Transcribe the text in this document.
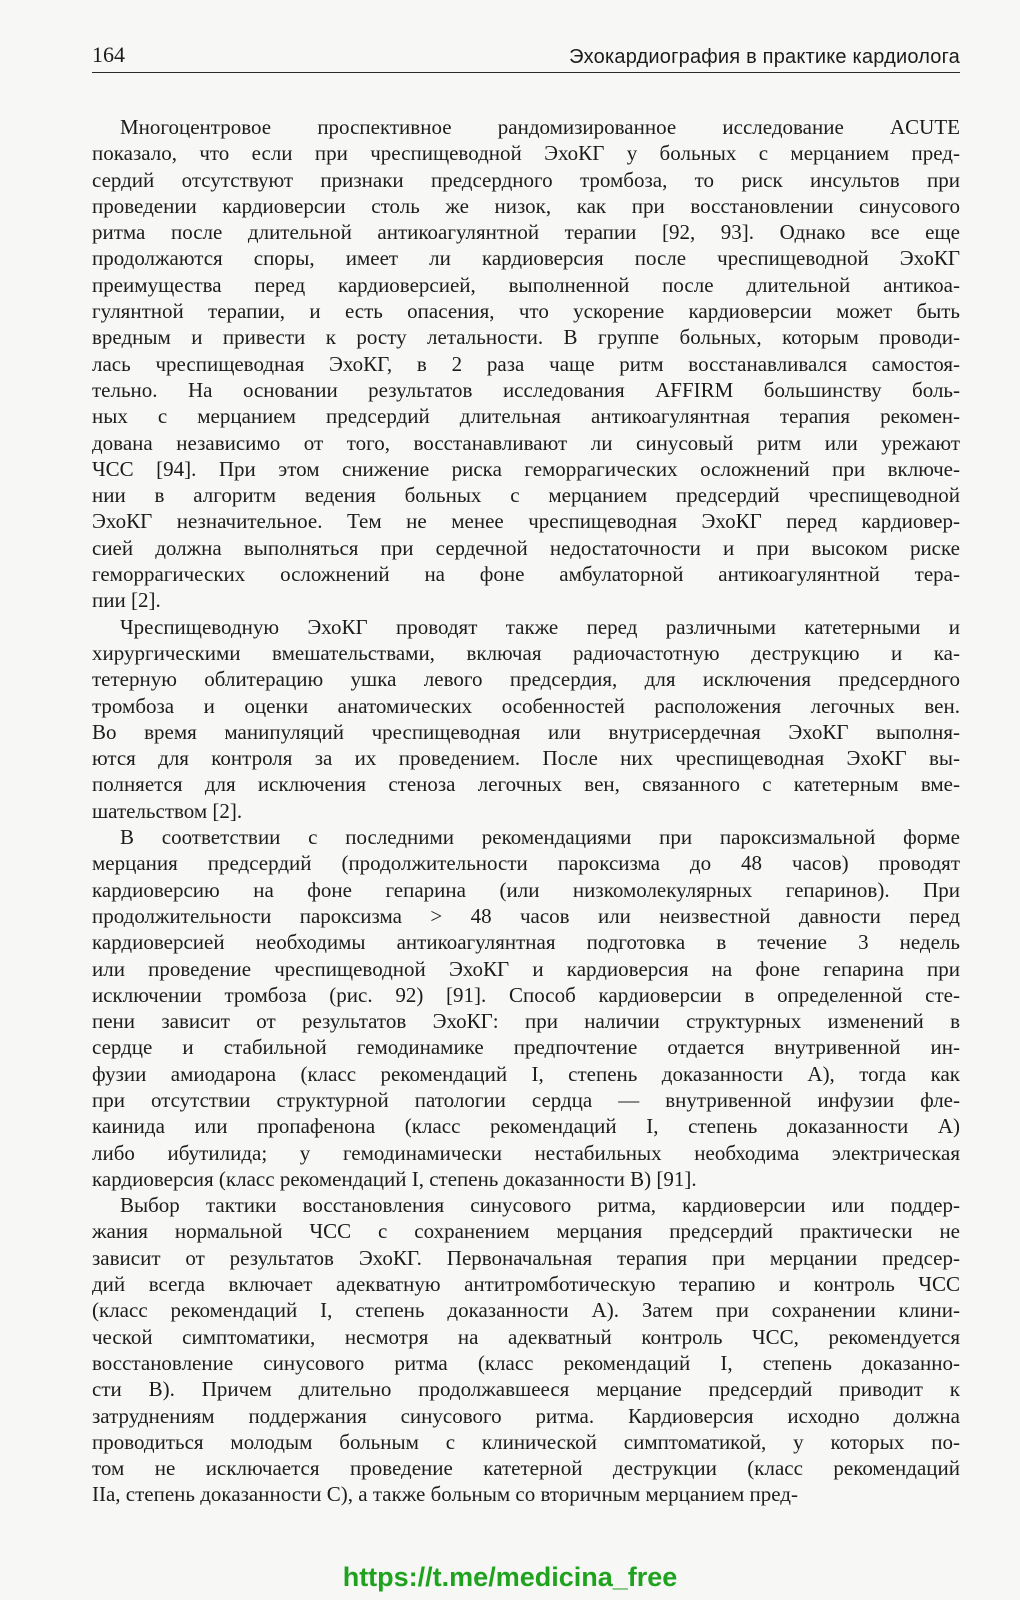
164	Эхокардиография в практике кардиолога
Многоцентровое проспективное рандомизированное исследование ACUTE
показало, что если при чреспищеводной ЭхоКГ у больных с мерцанием пред-
сердий отсутствуют признаки предсердного тромбоза, то риск инсультов при
проведении кардиоверсии столь же низок, как при восстановлении синусового
ритма после длительной антикоагулянтной терапии [92, 93]. Однако все еще
продолжаются споры, имеет ли кардиоверсия после чреспищеводной ЭхоКГ
преимущества перед кардиоверсией, выполненной после длительной антикоа-
гулянтной терапии, и есть опасения, что ускорение кардиоверсии может быть
вредным и привести к росту летальности. В группе больных, которым проводи-
лась чреспищеводная ЭхоКГ, в 2 раза чаще ритм восстанавливался самостоя-
тельно. На основании результатов исследования AFFIRM большинству боль-
ных с мерцанием предсердий длительная антикоагулянтная терапия рекомен-
дована независимо от того, восстанавливают ли синусовый ритм или урежают
ЧСС [94]. При этом снижение риска геморрагических осложнений при включе-
нии в алгоритм ведения больных с мерцанием предсердий чреспищеводной
ЭхоКГ незначительное. Тем не менее чреспищеводная ЭхоКГ перед кардиовер-
сией должна выполняться при сердечной недостаточности и при высоком риске
геморрагических осложнений на фоне амбулаторной антикоагулянтной тера-
пии [2].
Чреспищеводную ЭхоКГ проводят также перед различными катетерными и
хирургическими вмешательствами, включая радиочастотную деструкцию и ка-
тетерную облитерацию ушка левого предсердия, для исключения предсердного
тромбоза и оценки анатомических особенностей расположения легочных вен.
Во время манипуляций чреспищеводная или внутрисердечная ЭхоКГ выполня-
ются для контроля за их проведением. После них чреспищеводная ЭхоКГ вы-
полняется для исключения стеноза легочных вен, связанного с катетерным вме-
шательством [2].
В соответствии с последними рекомендациями при пароксизмальной форме
мерцания предсердий (продолжительности пароксизма до 48 часов) проводят
кардиоверсию на фоне гепарина (или низкомолекулярных гепаринов). При
продолжительности пароксизма > 48 часов или неизвестной давности перед
кардиоверсией необходимы антикоагулянтная подготовка в течение 3 недель
или проведение чреспищеводной ЭхоКГ и кардиоверсия на фоне гепарина при
исключении тромбоза (рис. 92) [91]. Способ кардиоверсии в определенной сте-
пени зависит от результатов ЭхоКГ: при наличии структурных изменений в
сердце и стабильной гемодинамике предпочтение отдается внутривенной ин-
фузии амиодарона (класс рекомендаций I, степень доказанности А), тогда как
при отсутствии структурной патологии сердца — внутривенной инфузии фле-
каинида или пропафенона (класс рекомендаций I, степень доказанности А)
либо ибутилида; у гемодинамически нестабильных необходима электрическая
кардиоверсия (класс рекомендаций I, степень доказанности В) [91].
Выбор тактики восстановления синусового ритма, кардиоверсии или поддер-
жания нормальной ЧСС с сохранением мерцания предсердий практически не
зависит от результатов ЭхоКГ. Первоначальная терапия при мерцании предсер-
дий всегда включает адекватную антитромботическую терапию и контроль ЧСС
(класс рекомендаций I, степень доказанности А). Затем при сохранении клини-
ческой симптоматики, несмотря на адекватный контроль ЧСС, рекомендуется
восстановление синусового ритма (класс рекомендаций I, степень доказанно-
сти В). Причем длительно продолжавшееся мерцание предсердий приводит к
затруднениям поддержания синусового ритма. Кардиоверсия исходно должна
проводиться молодым больным с клинической симптоматикой, у которых по-
том не исключается проведение катетерной деструкции (класс рекомендаций
IIa, степень доказанности С), а также больным со вторичным мерцанием пред-
https://t.me/medicina_free
